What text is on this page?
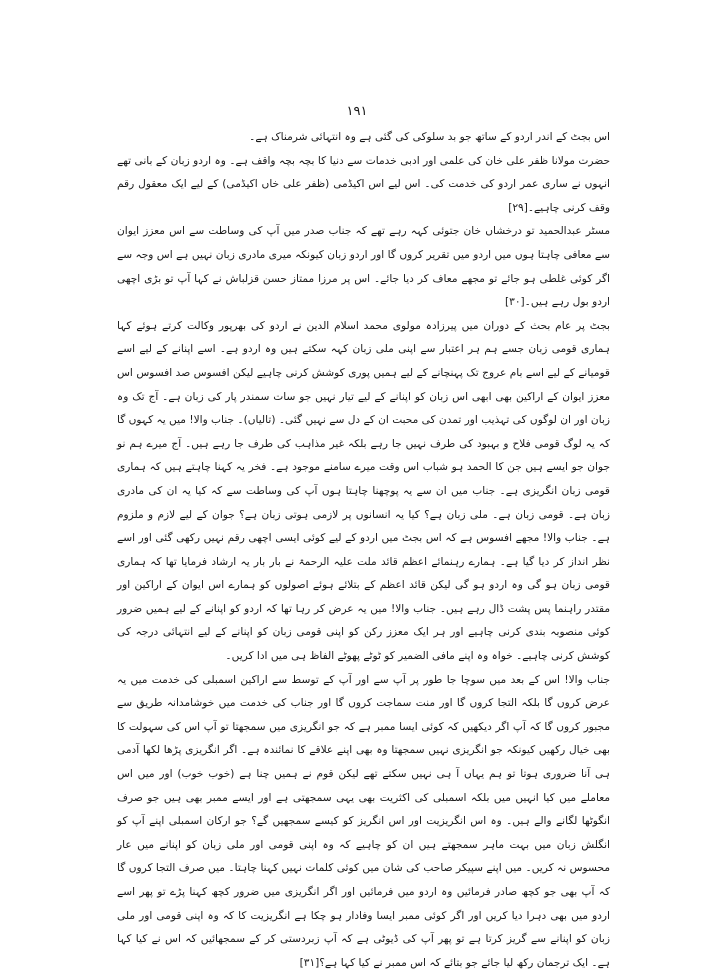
۱۹۱

اس بجٹ کے اندر اردو کے ساتھ جو بد سلوکی کی گئی ہے وہ انتہائی شرمناک ہے۔

حضرت مولانا ظفر علی خان کی علمی اور ادبی خدمات سے دنیا کا بچہ بچہ واقف ہے۔ وہ اردو زبان کے بانی تھے انہوں نے ساری عمر اردو کی خدمت کی۔ اس لیے اس اکیڈمی (ظفر علی خاں اکیڈمی) کے لیے ایک معقول رقم وقف کرنی چاہیے۔[۲۹]

مسٹر عبدالحمید تو درخشاں خان جتوئی کہہ رہے تھے کہ جناب صدر میں آپ کی وساطت سے اس معزز ایوان سے معافی چاہتا ہوں میں اردو میں تقریر کروں گا اور اردو زبان کیونکہ میری مادری زبان نہیں ہے اس وجہ سے اگر کوئی غلطی ہو جائے تو مجھے معاف کر دیا جائے۔ اس پر مرزا ممتاز حسن قزلباش نے کہا آپ تو بڑی اچھی اردو بول رہے ہیں۔[۳۰]

بجٹ پر عام بحث کے دوران میں پیرزادہ مولوی محمد اسلام الدین نے اردو کی بھرپور وکالت کرتے ہوئے کہا ہماری قومی زبان جسے ہم ہر اعتبار سے اپنی ملی زبان کہہ سکتے ہیں وہ اردو ہے۔ اسے اپنانے کے لیے اسے قومیانے کے لیے اسے بام عروج تک پہنچانے کے لیے ہمیں پوری کوشش کرنی چاہیے لیکن افسوس صد افسوس اس معزز ایوان کے اراکین بھی ابھی اس زبان کو اپنانے کے لیے تیار نہیں جو سات سمندر پار کی زبان ہے۔ آج تک وہ زبان اور ان لوگوں کی تہذیب اور تمدن کی محبت ان کے دل سے نہیں گئی۔ (تالیاں)۔ جناب والا! میں یہ کہوں گا کہ یہ لوگ قومی فلاح و بہبود کی طرف نہیں جا رہے بلکہ غیر مذاہب کی طرف جا رہے ہیں۔ آج میرے ہم نو جوان جو ایسے ہیں جن کا الحمد ہو شباب اس وقت میرے سامنے موجود ہے۔ فخر یہ کہنا چاہتے ہیں کہ ہماری قومی زبان انگریزی ہے۔ جناب میں ان سے یہ پوچھنا چاہتا ہوں آپ کی وساطت سے کہ کیا یہ ان کی مادری زبان ہے۔ قومی زبان ہے۔ ملی زبان ہے؟ کیا یہ انسانوں پر لازمی ہوتی زبان ہے؟ جوان کے لیے لازم و ملزوم ہے۔ جناب والا! مجھے افسوس ہے کہ اس بجٹ میں اردو کے لیے کوئی ایسی اچھی رقم نہیں رکھی گئی اور اسے نظر انداز کر دیا گیا ہے۔ ہمارے رہنمائے اعظم قائد ملت علیہ الرحمۃ نے بار بار یہ ارشاد فرمایا تھا کہ ہماری قومی زبان ہو گی وہ اردو ہو گی لیکن قائد اعظم کے بتلائے ہوئے اصولوں کو ہمارے اس ایوان کے اراکین اور مقتدر راہنما پس پشت ڈال رہے ہیں۔ جناب والا! میں یہ عرض کر رہا تھا کہ اردو کو اپنانے کے لیے ہمیں ضرور کوئی منصوبہ بندی کرنی چاہیے اور ہر ایک معزز رکن کو اپنی قومی زبان کو اپنانے کے لیے انتہائی درجہ کی کوشش کرنی چاہیے۔ خواہ وہ اپنے مافی الضمیر کو ٹوٹے پھوٹے الفاظ ہی میں ادا کریں۔

جناب والا! اس کے بعد میں سوچا جا طور پر آپ سے اور آپ کے توسط سے اراکین اسمبلی کی خدمت میں یہ عرض کروں گا بلکہ التجا کروں گا اور منت سماجت کروں گا اور جناب کی خدمت میں خوشامدانہ طریق سے مجبور کروں گا کہ آپ اگر دیکھیں کہ کوئی ایسا ممبر ہے کہ جو انگریزی میں سمجھتا تو آپ اس کی سہولت کا بھی خیال رکھیں کیونکہ جو انگریزی نہیں سمجھتا وہ بھی اپنے علاقے کا نمائندہ ہے۔ اگر انگریزی پڑھا لکھا آدمی ہی آنا ضروری ہوتا تو ہم یہاں آ ہی نہیں سکتے تھے لیکن قوم نے ہمیں چنا ہے (خوب خوب) اور میں اس معاملے میں کیا انہیں میں بلکہ اسمبلی کی اکثریت بھی یہی سمجھتی ہے اور ایسے ممبر بھی ہیں جو صرف انگوٹھا لگانے والے ہیں۔ وہ اس انگریزیت اور اس انگریز کو کیسے سمجھیں گے؟ جو ارکان اسمبلی اپنے آپ کو انگلش زبان میں بہت ماہر سمجھتے ہیں ان کو چاہیے کہ وہ اپنی قومی اور ملی زبان کو اپنانے میں عار محسوس نہ کریں۔ میں اپنے سپیکر صاحب کی شان میں کوئی کلمات نہیں کہنا چاہتا۔ میں صرف التجا کروں گا کہ آپ بھی جو کچھ صادر فرمائیں وہ اردو میں فرمائیں اور اگر انگریزی میں ضرور کچھ کہنا پڑے تو پھر اسے اردو میں بھی دہرا دیا کریں اور اگر کوئی ممبر ایسا وفادار ہو چکا ہے انگریزیت کا کہ وہ اپنی قومی اور ملی زبان کو اپنانے سے گریز کرتا ہے تو پھر آپ کی ڈیوٹی ہے کہ آپ زبردستی کر کے سمجھائیں کہ اس نے کیا کہا ہے۔ ایک ترجمان رکھ لیا جائے جو بتائے کہ اس ممبر نے کیا کہا ہے؟[۳۱]
